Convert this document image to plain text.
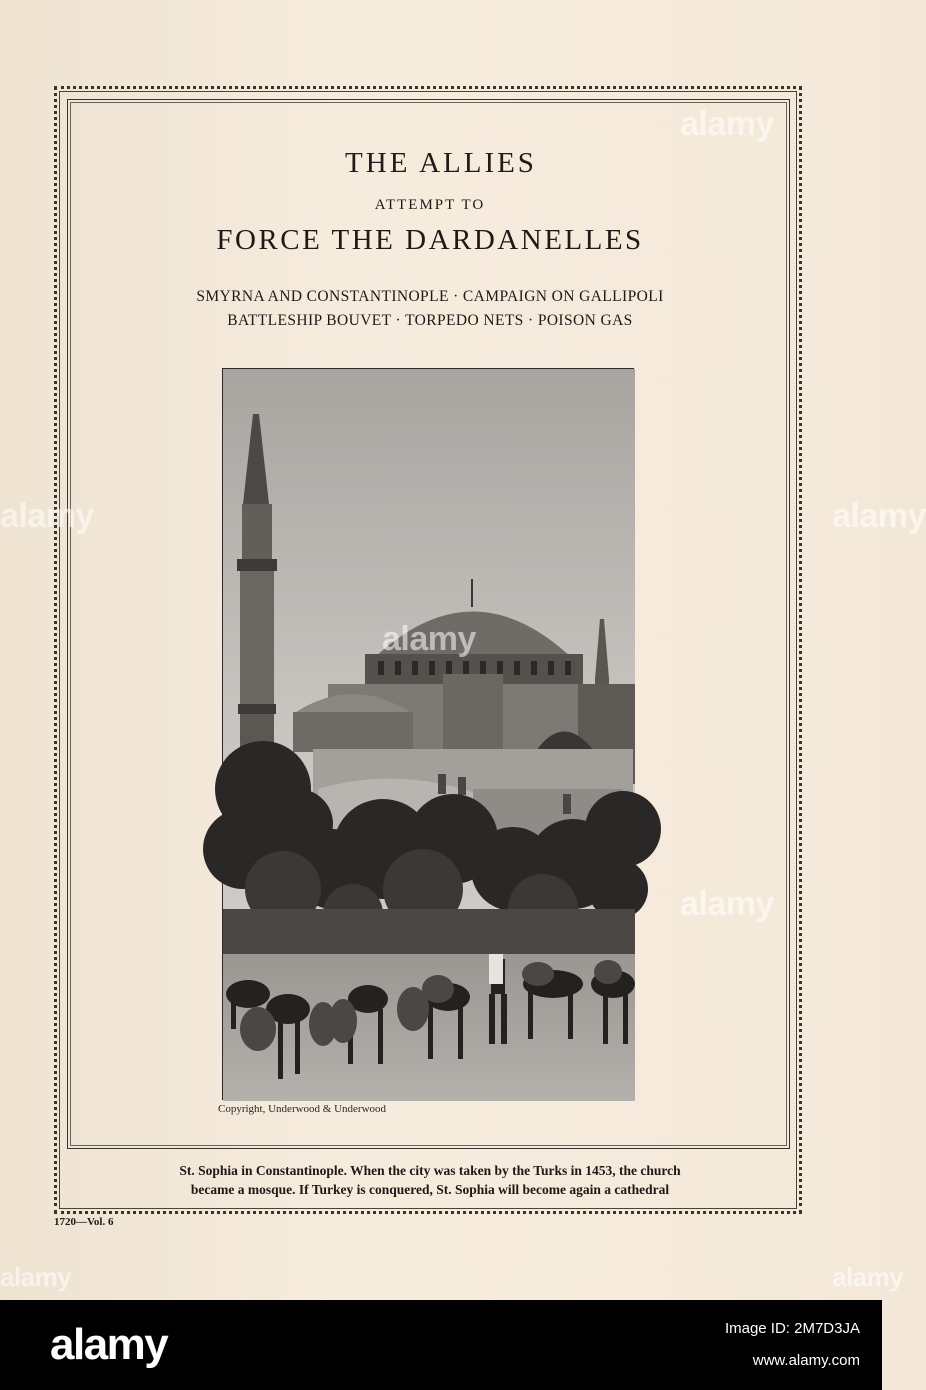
THE ALLIES
ATTEMPT TO
FORCE THE DARDANELLES
SMYRNA AND CONSTANTINOPLE · CAMPAIGN ON GALLIPOLI
BATTLESHIP BOUVET · TORPEDO NETS · POISON GAS
Copyright, Underwood & Underwood
St. Sophia in Constantinople. When the city was taken by the Turks in 1453, the church
became a mosque. If Turkey is conquered, St. Sophia will become again a cathedral
1720—Vol. 6
alamy
alamy	alamy
alamy
alamy
alamy	alamy
alamy	Image ID: 2M7D3JA
www.alamy.com
